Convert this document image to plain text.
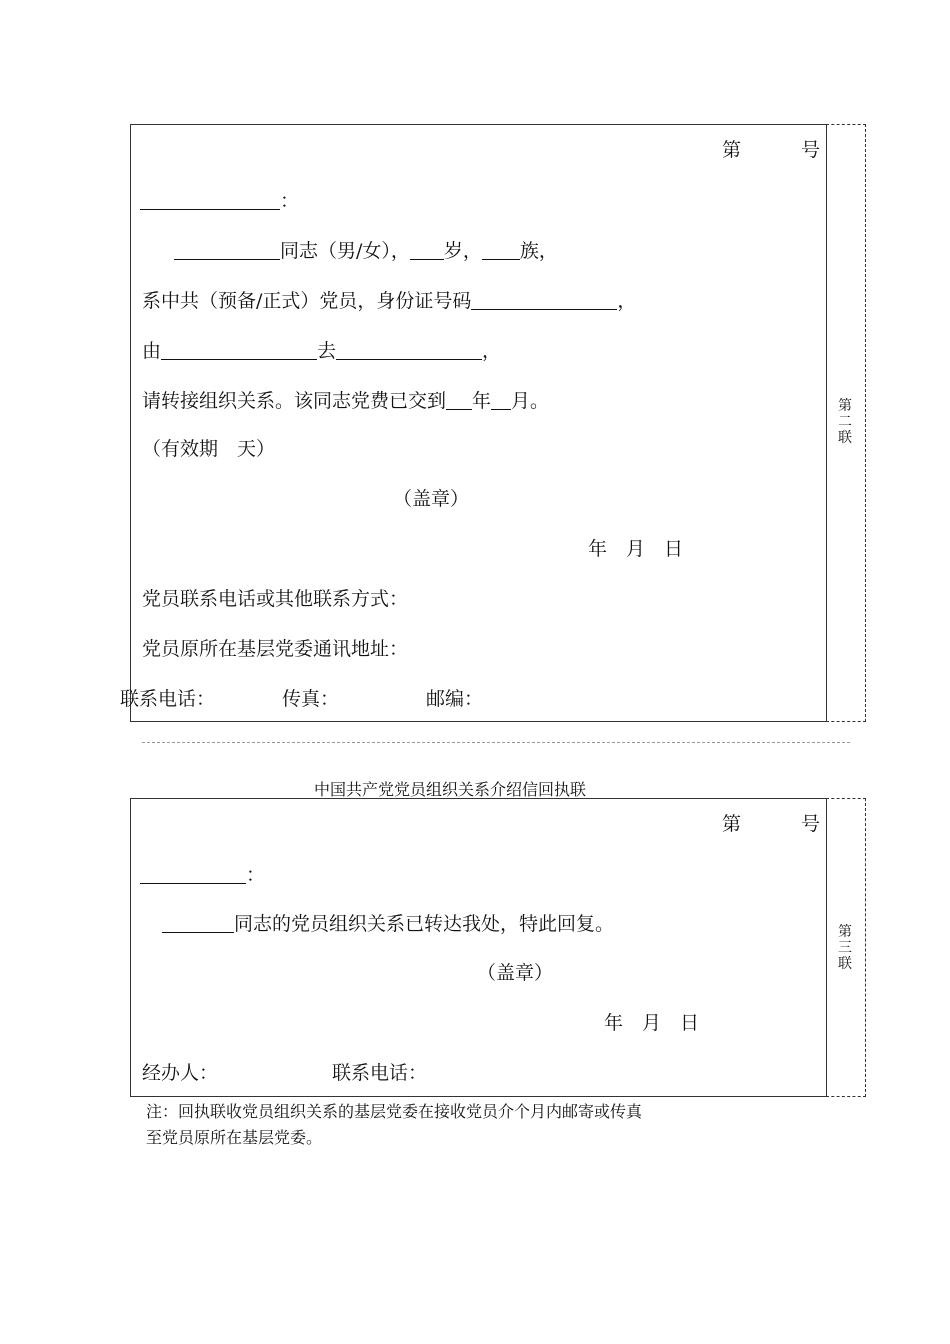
第二联
第	号
：
同志（男/女）， 岁， 族，
系中共（预备/正式）党员，身份证号码	，
由	去	，
请转接组织关系。该同志党费已交到 年 月。
（有效期　天）
（盖章）
年　月　日
党员联系电话或其他联系方式：
党员原所在基层党委通讯地址：
联系电话：	传真：	邮编：
中国共产党党员组织关系介绍信回执联
第三联
第	号
：
同志的党员组织关系已转达我处，特此回复。
（盖章）
年　月　日
经办人：	联系电话：
注：回执联收党员组织关系的基层党委在接收党员介个月内邮寄或传真
至党员原所在基层党委。
